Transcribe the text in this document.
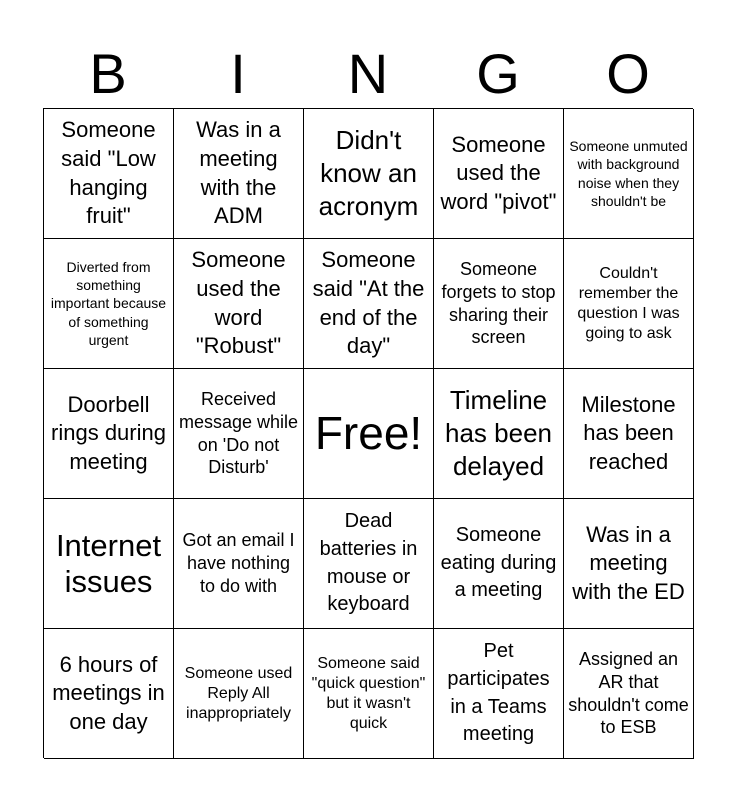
B	I	N	G	O
Someone said "Low hanging fruit"
Was in a meeting with the ADM
Didn't know an acronym
Someone used the word "pivot"
Someone unmuted with background noise when they shouldn't be
Diverted from something important because of something urgent
Someone used the word "Robust"
Someone said "At the end of the day"
Someone forgets to stop sharing their screen
Couldn't remember the question I was going to ask
Doorbell rings during meeting
Received message while on 'Do not Disturb'
Free!
Timeline has been delayed
Milestone has been reached
Internet issues
Got an email I have nothing to do with
Dead batteries in mouse or keyboard
Someone eating during a meeting
Was in a meeting with the ED
6 hours of meetings in one day
Someone used Reply All inappropriately
Someone said "quick question" but it wasn't quick
Pet participates in a Teams meeting
Assigned an AR that shouldn't come to ESB
